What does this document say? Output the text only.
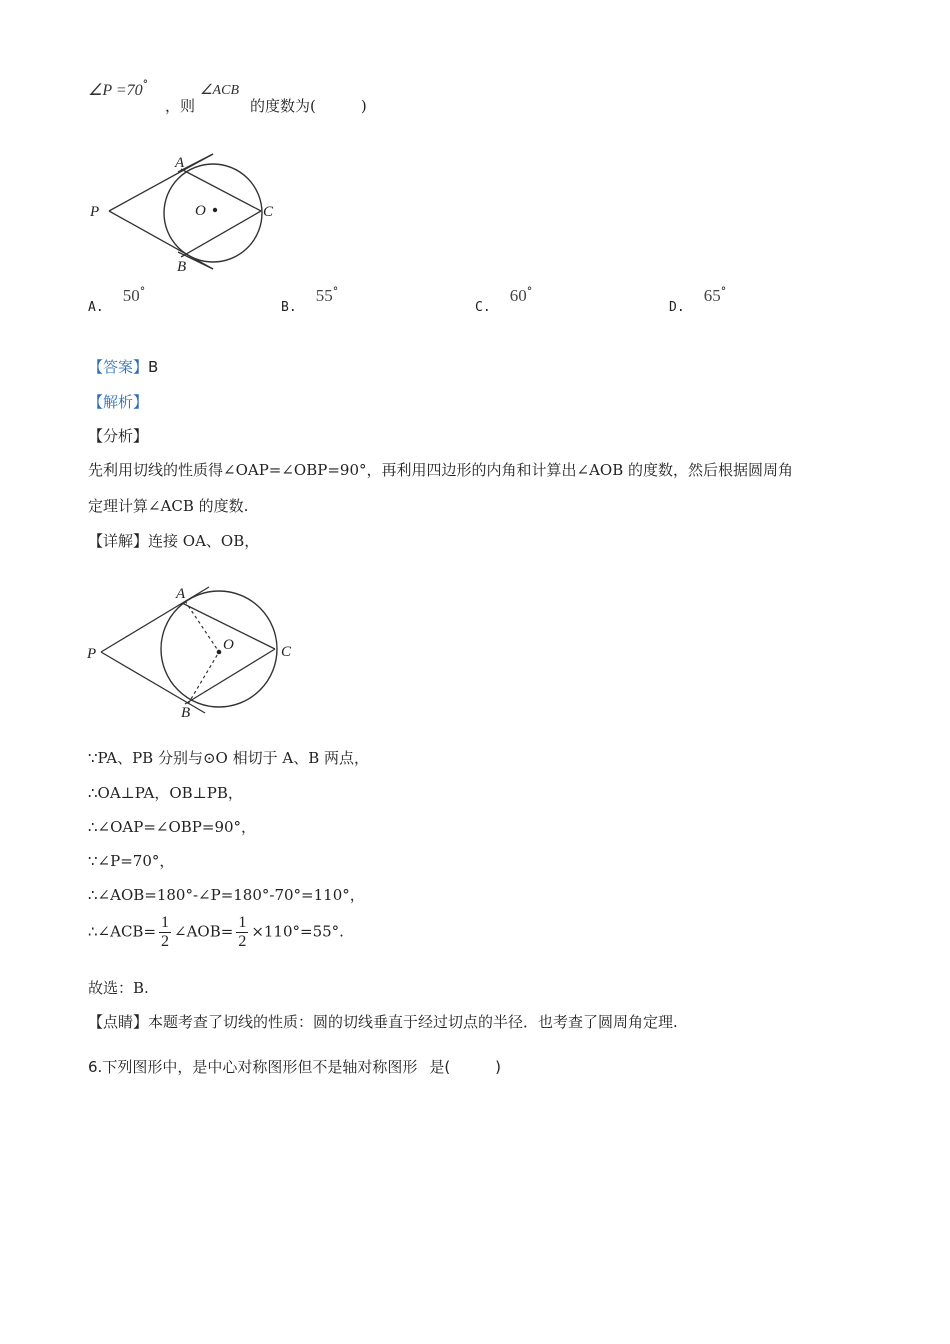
∠P =70°
，则
∠ACB
的度数为(　　　)
A
B
C
P	O
A. 50°
B. 55°
C. 60°
D. 65°
【答案】B
【解析】
【分析】
先利用切线的性质得∠OAP=∠OBP=90°，再利用四边形的内角和计算出∠AOB 的度数，然后根据圆周角
定理计算∠ACB 的度数.
【详解】连接 OA、OB，
A
B
C
P
O
∵PA、PB 分别与⊙O 相切于 A、B 两点，
∴OA⊥PA，OB⊥PB，
∴∠OAP=∠OBP=90°，
∵∠P=70°，
∴∠AOB=180°-∠P=180°-70°=110°，
∴∠ACB= $\frac{1}{2}$ ∠AOB= $\frac{1}{2} \times 110^\circ=55^\circ$.
故选：B.
【点睛】本题考查了切线的性质：圆的切线垂直于经过切点的半径．也考查了圆周角定理.
6.下列图形中，是中心对称图形但不是轴对称图形 是(　　　)
